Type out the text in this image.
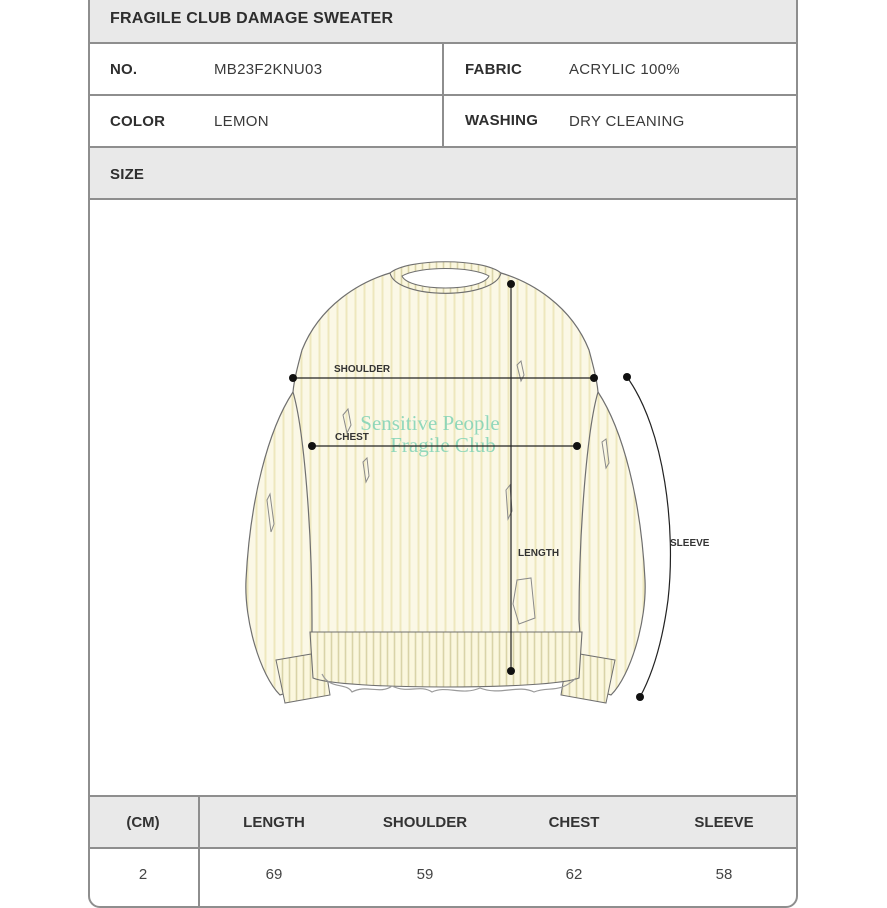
FRAGILE CLUB DAMAGE SWEATER
NO.	MB23F2KNU03	FABRIC	ACRYLIC 100%
COLOR	LEMON	WASHING DRY CLEANING
SIZE
Sensitive People
Fragile Club
SHOULDER
CHEST
LENGTH
SLEEVE
(CM)	LENGTH	SHOULDER	CHEST	SLEEVE
2	69	59	62	58
